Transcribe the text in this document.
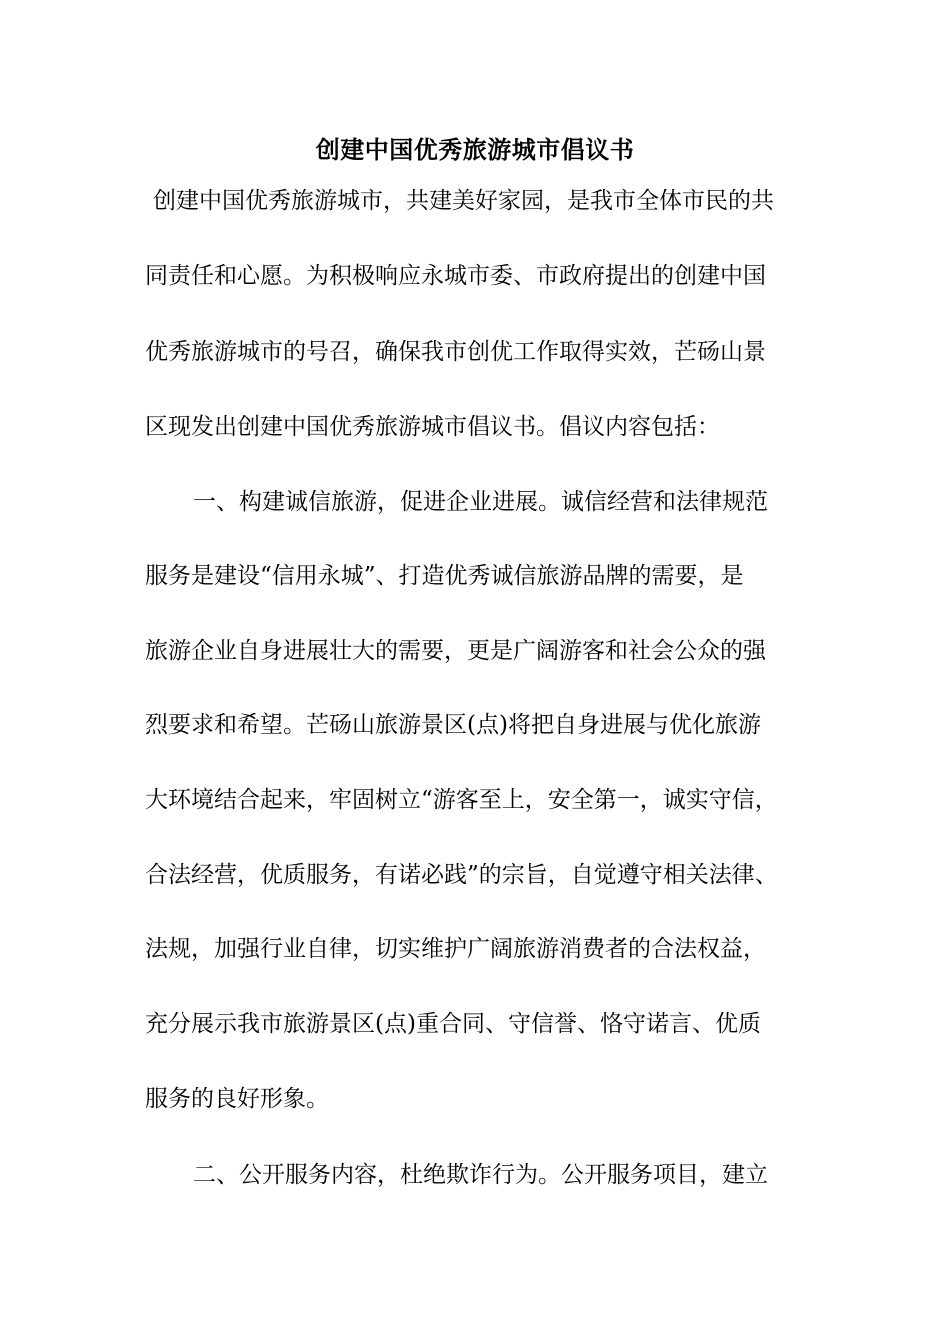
创建中国优秀旅游城市倡议书
创建中国优秀旅游城市，共建美好家园，是我市全体市民的共
同责任和心愿。为积极响应永城市委、市政府提出的创建中国
优秀旅游城市的号召，确保我市创优工作取得实效，芒砀山景
区现发出创建中国优秀旅游城市倡议书。倡议内容包括：
一、构建诚信旅游，促进企业进展。诚信经营和法律规范
服务是建设“信用永城”、打造优秀诚信旅游品牌的需要，是
旅游企业自身进展壮大的需要，更是广阔游客和社会公众的强
烈要求和希望。芒砀山旅游景区(点)将把自身进展与优化旅游
大环境结合起来，牢固树立“游客至上，安全第一，诚实守信，
合法经营，优质服务，有诺必践”的宗旨，自觉遵守相关法律、
法规，加强行业自律，切实维护广阔旅游消费者的合法权益，
充分展示我市旅游景区(点)重合同、守信誉、恪守诺言、优质
服务的良好形象。
二、公开服务内容，杜绝欺诈行为。公开服务项目，建立
